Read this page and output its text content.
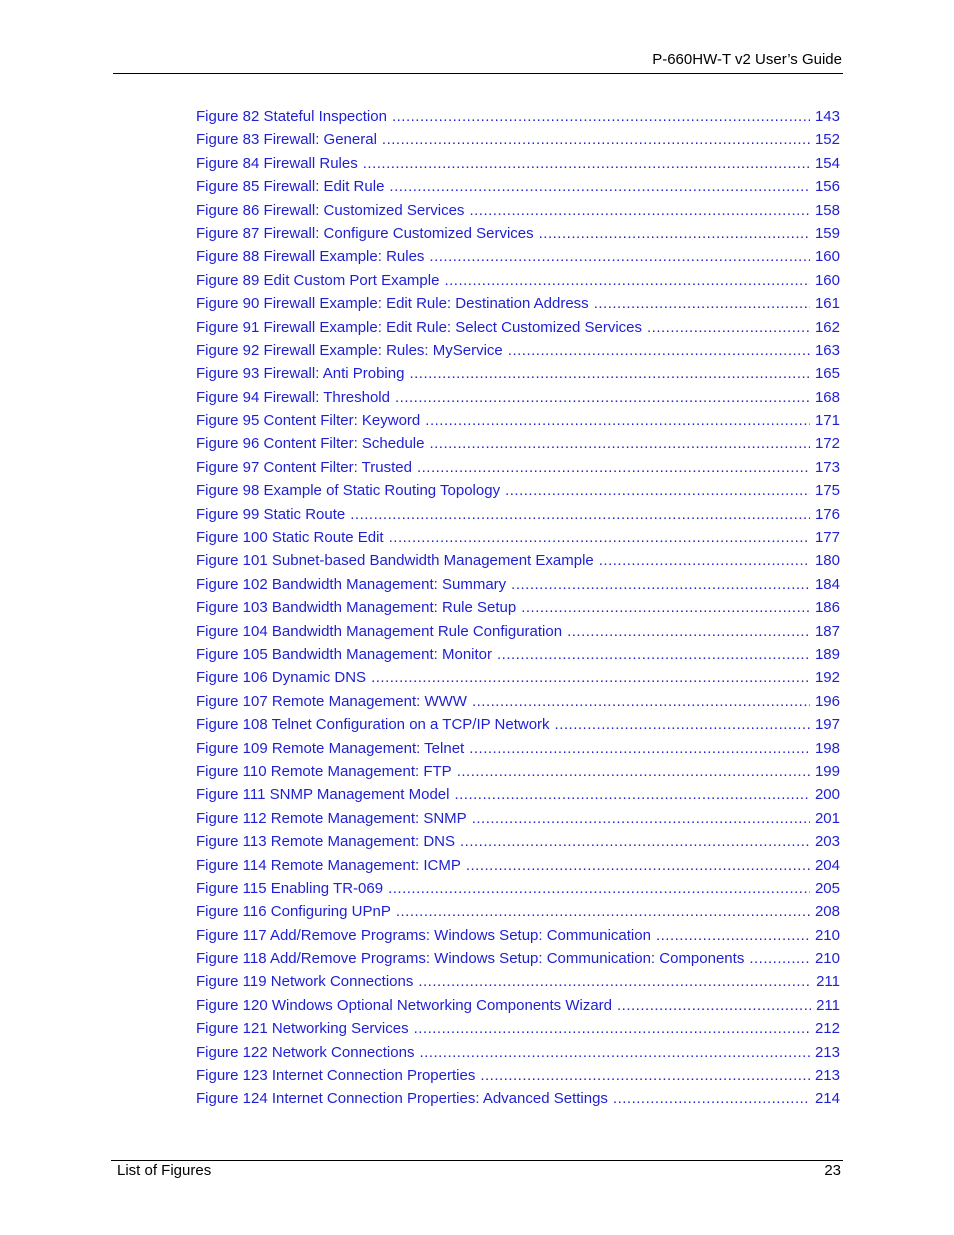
P-660HW-T v2 User’s Guide
Figure 82 Stateful Inspection .....	143
Figure 83 Firewall: General .....	152
Figure 84 Firewall Rules .....	154
Figure 85 Firewall: Edit Rule .....	156
Figure 86 Firewall: Customized Services .....	158
Figure 87 Firewall: Configure Customized Services .....	159
Figure 88 Firewall Example: Rules .....	160
Figure 89 Edit Custom Port Example .....	160
Figure 90 Firewall Example: Edit Rule: Destination Address .....	161
Figure 91 Firewall Example: Edit Rule: Select Customized Services .....	162
Figure 92 Firewall Example: Rules: MyService .....	163
Figure 93 Firewall: Anti Probing .....	165
Figure 94 Firewall: Threshold .....	168
Figure 95 Content Filter: Keyword .....	171
Figure 96 Content Filter: Schedule .....	172
Figure 97 Content Filter: Trusted .....	173
Figure 98 Example of Static Routing Topology .....	175
Figure 99 Static Route .....	176
Figure 100 Static Route Edit .....	177
Figure 101 Subnet-based Bandwidth Management Example .....	180
Figure 102 Bandwidth Management: Summary .....	184
Figure 103 Bandwidth Management: Rule Setup .....	186
Figure 104 Bandwidth Management Rule Configuration .....	187
Figure 105 Bandwidth Management: Monitor .....	189
Figure 106 Dynamic DNS .....	192
Figure 107 Remote Management: WWW .....	196
Figure 108 Telnet Configuration on a TCP/IP Network .....	197
Figure 109 Remote Management: Telnet .....	198
Figure 110 Remote Management: FTP .....	199
Figure 111 SNMP Management Model .....	200
Figure 112 Remote Management: SNMP .....	201
Figure 113 Remote Management: DNS .....	203
Figure 114 Remote Management: ICMP .....	204
Figure 115 Enabling TR-069 .....	205
Figure 116 Configuring UPnP .....	208
Figure 117 Add/Remove Programs: Windows Setup: Communication .....	210
Figure 118 Add/Remove Programs: Windows Setup: Communication: Components .....	210
Figure 119 Network Connections .....	211
Figure 120 Windows Optional Networking Components Wizard .....	211
Figure 121 Networking Services .....	212
Figure 122 Network Connections .....	213
Figure 123 Internet Connection Properties .....	213
Figure 124 Internet Connection Properties: Advanced Settings .....	214
List of Figures	23
